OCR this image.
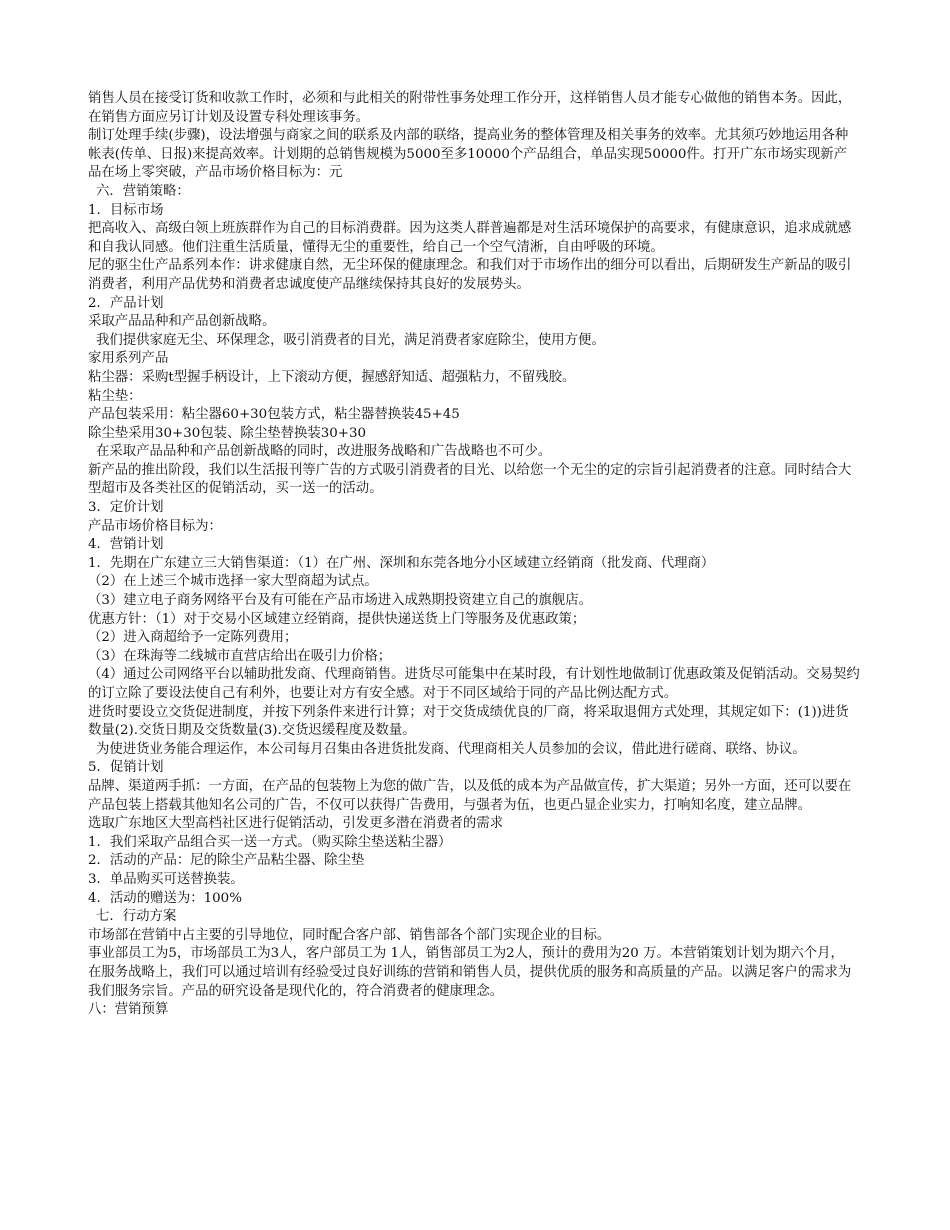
销售人员在接受订货和收款工作时，必须和与此相关的附带性事务处理工作分开，这样销售人员才能专心做他的销售本务。因此，在销售方面应另订计划及设置专科处理该事务。

制订处理手续(步骤)，设法增强与商家之间的联系及内部的联络，提高业务的整体管理及相关事务的效率。尤其须巧妙地运用各种帐表(传单、日报)来提高效率。计划期的总销售规模为5000至多10000个产品组合，单品实现50000件。打开广东市场实现新产品在场上零突破，产品市场价格目标为：元

六．营销策略：

1．目标市场

把高收入、高级白领上班族群作为自己的目标消费群。因为这类人群普遍都是对生活环境保护的高要求，有健康意识，追求成就感和自我认同感。他们注重生活质量，懂得无尘的重要性，给自己一个空气清淅，自由呼吸的环境。

尼的驱尘仕产品系列本作：讲求健康自然，无尘环保的健康理念。和我们对于市场作出的细分可以看出，后期研发生产新品的吸引消费者，利用产品优势和消费者忠诚度使产品继续保持其良好的发展势头。

2．产品计划

采取产品品种和产品创新战略。

我们提供家庭无尘、环保理念，吸引消费者的目光，满足消费者家庭除尘，使用方便。

家用系列产品

粘尘器：采购t型握手柄设计，上下滚动方便，握感舒知适、超强粘力，不留残胶。

粘尘垫：

产品包装采用：粘尘器60+30包装方式，粘尘器替换装45+45

除尘垫采用30+30包装、除尘垫替换装30+30

在采取产品品种和产品创新战略的同时，改进服务战略和广告战略也不可少。

新产品的推出阶段，我们以生活报刊等广告的方式吸引消费者的目光、以给您一个无尘的定的宗旨引起消费者的注意。同时结合大型超市及各类社区的促销活动，买一送一的活动。

3．定价计划

产品市场价格目标为：

4．营销计划

1．先期在广东建立三大销售渠道：（1）在广州、深圳和东莞各地分小区域建立经销商（批发商、代理商）

（2）在上述三个城市选择一家大型商超为试点。

（3）建立电子商务网络平台及有可能在产品市场进入成熟期投资建立自己的旗舰店。

优惠方针：（1）对于交易小区域建立经销商，提供快递送货上门等服务及优惠政策；

（2）进入商超给予一定陈列费用；

（3）在珠海等二线城市直营店给出在吸引力价格；

（4）通过公司网络平台以辅助批发商、代理商销售。进货尽可能集中在某时段，有计划性地做制订优惠政策及促销活动。交易契约的订立除了要设法使自己有利外，也要让对方有安全感。对于不同区域给于同的产品比例达配方式。

进货时要设立交货促进制度，并按下列条件来进行计算；对于交货成绩优良的厂商，将采取退佣方式处理，其规定如下：(1))进货数量(2).交货日期及交货数量(3).交货迟缓程度及数量。

为使进货业务能合理运作，本公司每月召集由各进货批发商、代理商相关人员参加的会议，借此进行磋商、联络、协议。

5．促销计划

品牌、渠道两手抓：一方面，在产品的包装物上为您的做广告，以及低的成本为产品做宣传，扩大渠道；另外一方面，还可以要在产品包装上搭载其他知名公司的广告，不仅可以获得广告费用，与强者为伍，也更凸显企业实力，打响知名度，建立品牌。

选取广东地区大型高档社区进行促销活动，引发更多潜在消费者的需求

1．我们采取产品组合买一送一方式。（购买除尘垫送粘尘器）

2．活动的产品：尼的除尘产品粘尘器、除尘垫

3．单品购买可送替换装。

4．活动的赠送为：100%

七．行动方案

市场部在营销中占主要的引导地位，同时配合客户部、销售部各个部门实现企业的目标。

事业部员工为5，市场部员工为3人，客户部员工为 1人，销售部员工为2人，预计的费用为20 万。本营销策划计划为期六个月，

在服务战略上，我们可以通过培训有经验受过良好训练的营销和销售人员，提供优质的服务和高质量的产品。以满足客户的需求为我们服务宗旨。产品的研究设备是现代化的，符合消费者的健康理念。

八：营销预算
